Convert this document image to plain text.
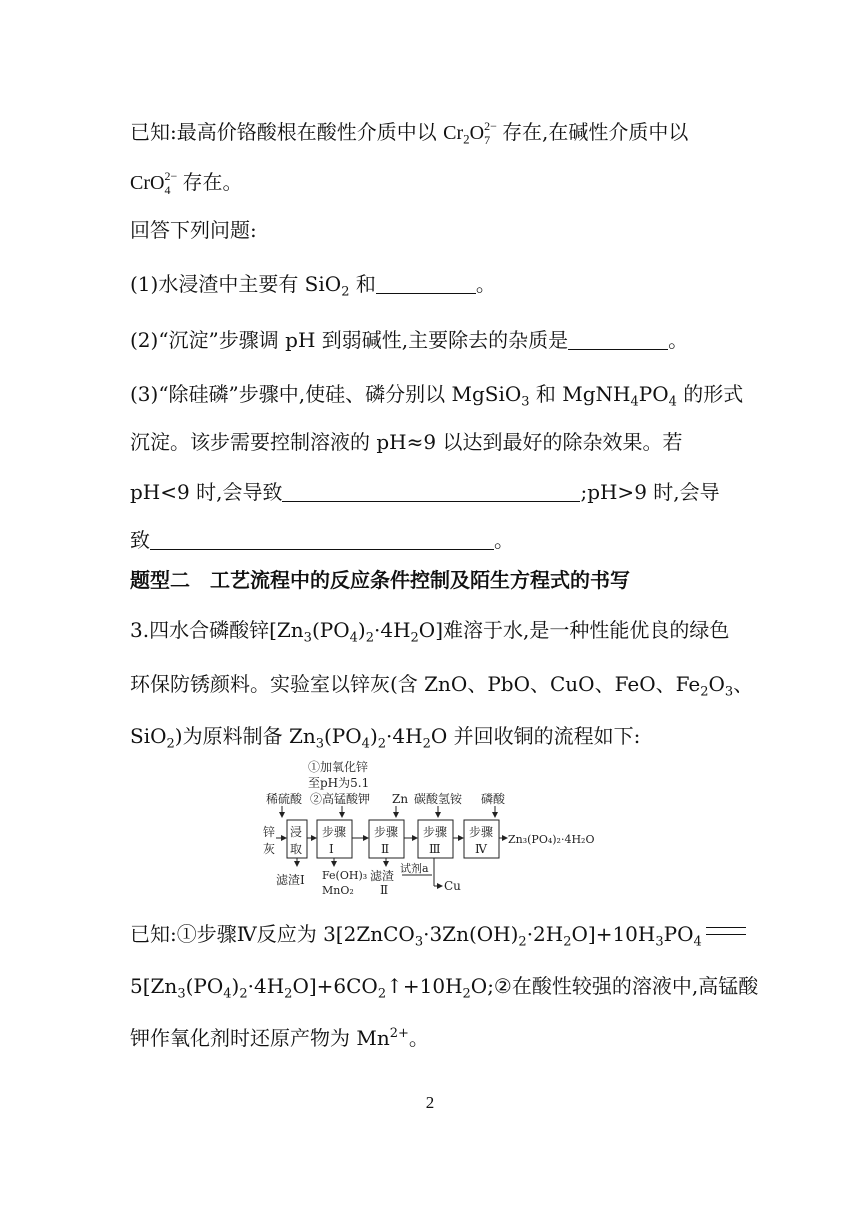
已知:最高价铬酸根在酸性介质中以 $Cr_2O$ 2−
7 存在,在碱性介质中以
CrO 2−
4 存在。
回答下列问题:
(1)水浸渣中主要有 SiO$_2$ 和	。
(2)“沉淀”步骤调 pH 到弱碱性,主要除去的杂质是	。
(3)“除硅磷”步骤中,使硅、磷分别以 MgSiO$_3$ 和 $MgNH_4PO_4$ 的形式
沉淀。该步需要控制溶液的 pH≈9 以达到最好的除杂效果。若
pH<9 时,会导致	;pH>9 时,会导
致	。
题型二　工艺流程中的反应条件控制及陌生方程式的书写
3.四水合磷酸锌$[Zn_3(PO_4)_2\cdot 4H_2O]$难溶于水,是一种性能优良的绿色
环保防锈颜料。实验室以锌灰(含 ZnO、PbO、CuO、FeO、$Fe_2O_3$、
SiO$_2$)为原料制备 $Zn_3(PO_4)_2\cdot 4H_2O$ 并回收铜的流程如下:
①加氧化锌
至pH为5.1
稀硫酸 ②高锰酸钾 Zn 碳酸氢铵 磷酸
锌
灰
浸
取
步骤
Ⅰ
步骤
Ⅱ
步骤
Ⅲ
步骤
Ⅳ
Zn₃(PO₄)₂·4H₂O
滤渣Ⅰ Fe(OH)₃
MnO₂
滤渣
Ⅱ
试剂a
Cu
已知:①步骤Ⅳ反应为 $3[2ZnCO_3\cdot 3Zn(OH)_2\cdot 2H_2O]+10H_3PO_4$
$5[Zn_3(PO_4)_2\cdot 4H_2O]+6CO_2↑+10H_2O;②$在酸性较强的溶液中,高锰酸
钾作氧化剂时还原产物为 $Mn^{2+}$。
2
